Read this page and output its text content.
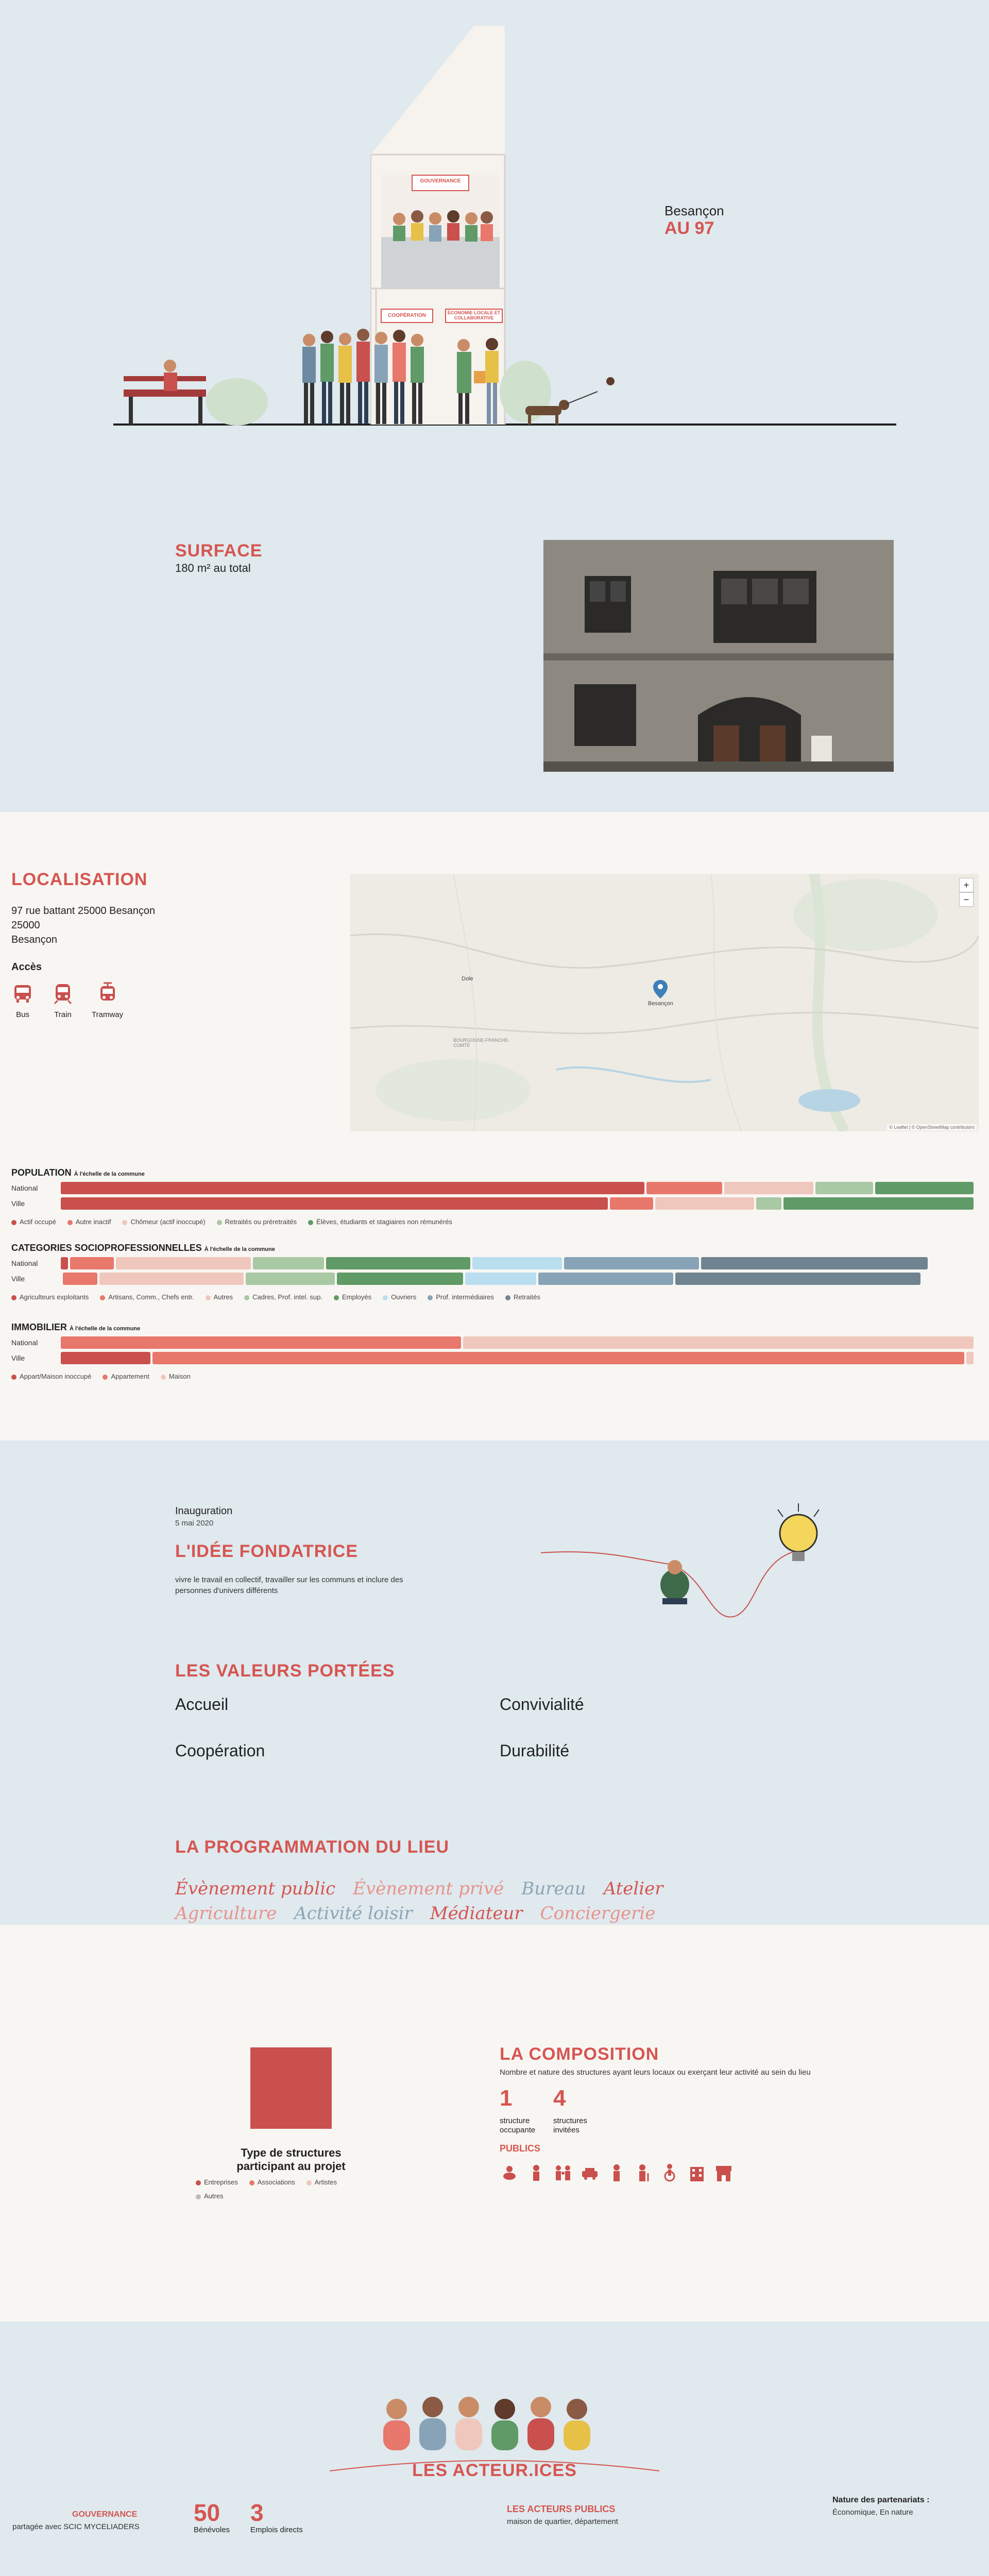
GOUVERNANCE
COOPÉRATION	ÉCONOMIE LOCALE ET COLLABORATIVE
Besançon
AU 97
SURFACE
180 m² au total
LOCALISATION
97 rue battant 25000 Besançon
25000
Besançon
Accès
Bus	Train	Tramway
Besançon
Dole
BOURGOGNE-FRANCHE-COMTÉ
+
−
© Leaflet | © OpenStreetMap contributors
POPULATION À l'échelle de la commune
National
Ville
Actif occupé	Autre inactif	Chômeur (actif inoccupé)	Retraités ou préretraités	Élèves, étudiants et stagiaires non rémunérés
CATEGORIES SOCIOPROFESSIONNELLES À l'échelle de la commune
National
Ville
Agriculteurs exploitants	Artisans, Comm., Chefs entr.	Autres	Cadres, Prof. intel. sup.	Employés	Ouvriers	Prof. intermédiaires	Retraités
IMMOBILIER À l'échelle de la commune
National
Ville
Appart/Maison inoccupé	Appartement	Maison
Inauguration
5 mai 2020
L'IDÉE FONDATRICE
vivre le travail en collectif, travailler sur les communs et inclure des personnes d'univers différents
LES VALEURS PORTÉES
Accueil	Convivialité
Coopération	Durabilité
LA PROGRAMMATION DU LIEU
Évènement public Évènement privé Bureau AtelierAgriculture Activité loisir Médiateur Conciergerie
Type de structures
participant au projet
Entreprises	Associations	Artistes
Autres
LA COMPOSITION
Nombre et nature des structures ayant leurs locaux ou exerçant leur activité au sein du lieu
1
structure
occupante
4
structures
invitées
PUBLICS
LES ACTEUR.ICES
GOUVERNANCE
partagée avec SCIC MYCELIADERS
50
Bénévoles
3
Emplois directs
LES ACTEURS PUBLICS
maison de quartier, département
Nature des partenariats :
Économique, En nature
